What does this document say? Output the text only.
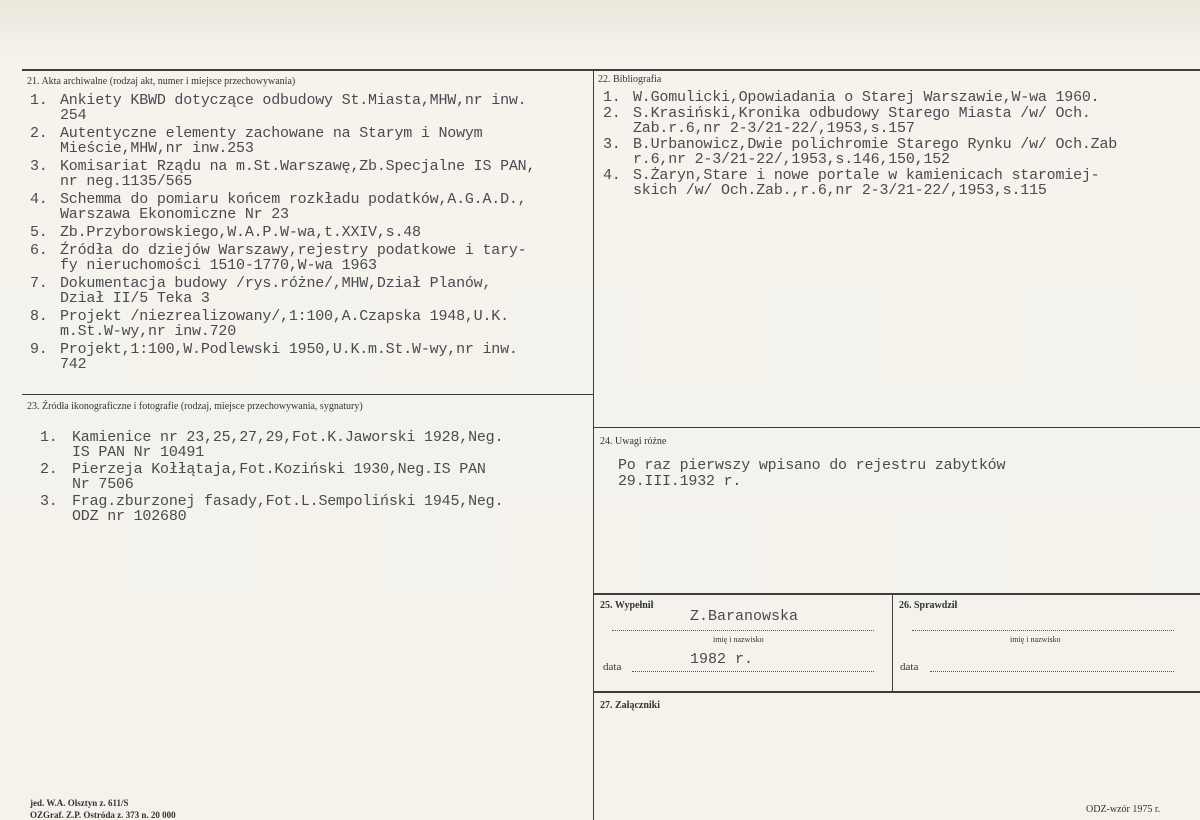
21. Akta archiwalne (rodzaj akt, numer i miejsce przechowywania)
1. Ankiety KBWD dotyczące odbudowy St.Miasta,MHW,nr inw.
254
2. Autentyczne elementy zachowane na Starym i Nowym
Mieście,MHW,nr inw.253
3. Komisariat Rządu na m.St.Warszawę,Zb.Specjalne IS PAN,
nr neg.1135/565
4. Schemma do pomiaru końcem rozkładu podatków,A.G.A.D.,
Warszawa Ekonomiczne Nr 23
5. Zb.Przyborowskiego,W.A.P.W-wa,t.XXIV,s.48
6. Źródła do dziejów Warszawy,rejestry podatkowe i tary-
fy nieruchomości 1510-1770,W-wa 1963
7. Dokumentacja budowy /rys.różne/,MHW,Dział Planów,
Dział II/5 Teka 3
8. Projekt /niezrealizowany/,1:100,A.Czapska 1948,U.K.
m.St.W-wy,nr inw.720
9. Projekt,1:100,W.Podlewski 1950,U.K.m.St.W-wy,nr inw.
742
22. Bibliografia
1. W.Gomulicki,Opowiadania o Starej Warszawie,W-wa 1960.
2. S.Krasiński,Kronika odbudowy Starego Miasta /w/ Och.
Zab.r.6,nr 2-3/21-22/,1953,s.157
3. B.Urbanowicz,Dwie polichromie Starego Rynku /w/ Och.Zab
r.6,nr 2-3/21-22/,1953,s.146,150,152
4. S.Żaryn,Stare i nowe portale w kamienicach staromiej-
skich /w/ Och.Zab.,r.6,nr 2-3/21-22/,1953,s.115
23. Źródła ikonograficzne i fotografie (rodzaj, miejsce przechowywania, sygnatury)
1. Kamienice nr 23,25,27,29,Fot.K.Jaworski 1928,Neg.
IS PAN Nr 10491
2. Pierzeja Kołłątaja,Fot.Koziński 1930,Neg.IS PAN
Nr 7506
3. Frag.zburzonej fasady,Fot.L.Sempoliński 1945,Neg.
ODZ nr 102680
24. Uwagi różne
Po raz pierwszy wpisano do rejestru zabytków
29.III.1932 r.
25. Wypełnił
Z.Baranowska
imię i nazwisko
data	1982 r.
26. Sprawdził
imię i nazwisko
data
27. Załączniki
jed. W.A. Olsztyn z. 611/S
OZGraf. Z.P. Ostróda z. 373 n. 20 000	ODZ-wzór 1975 r.
